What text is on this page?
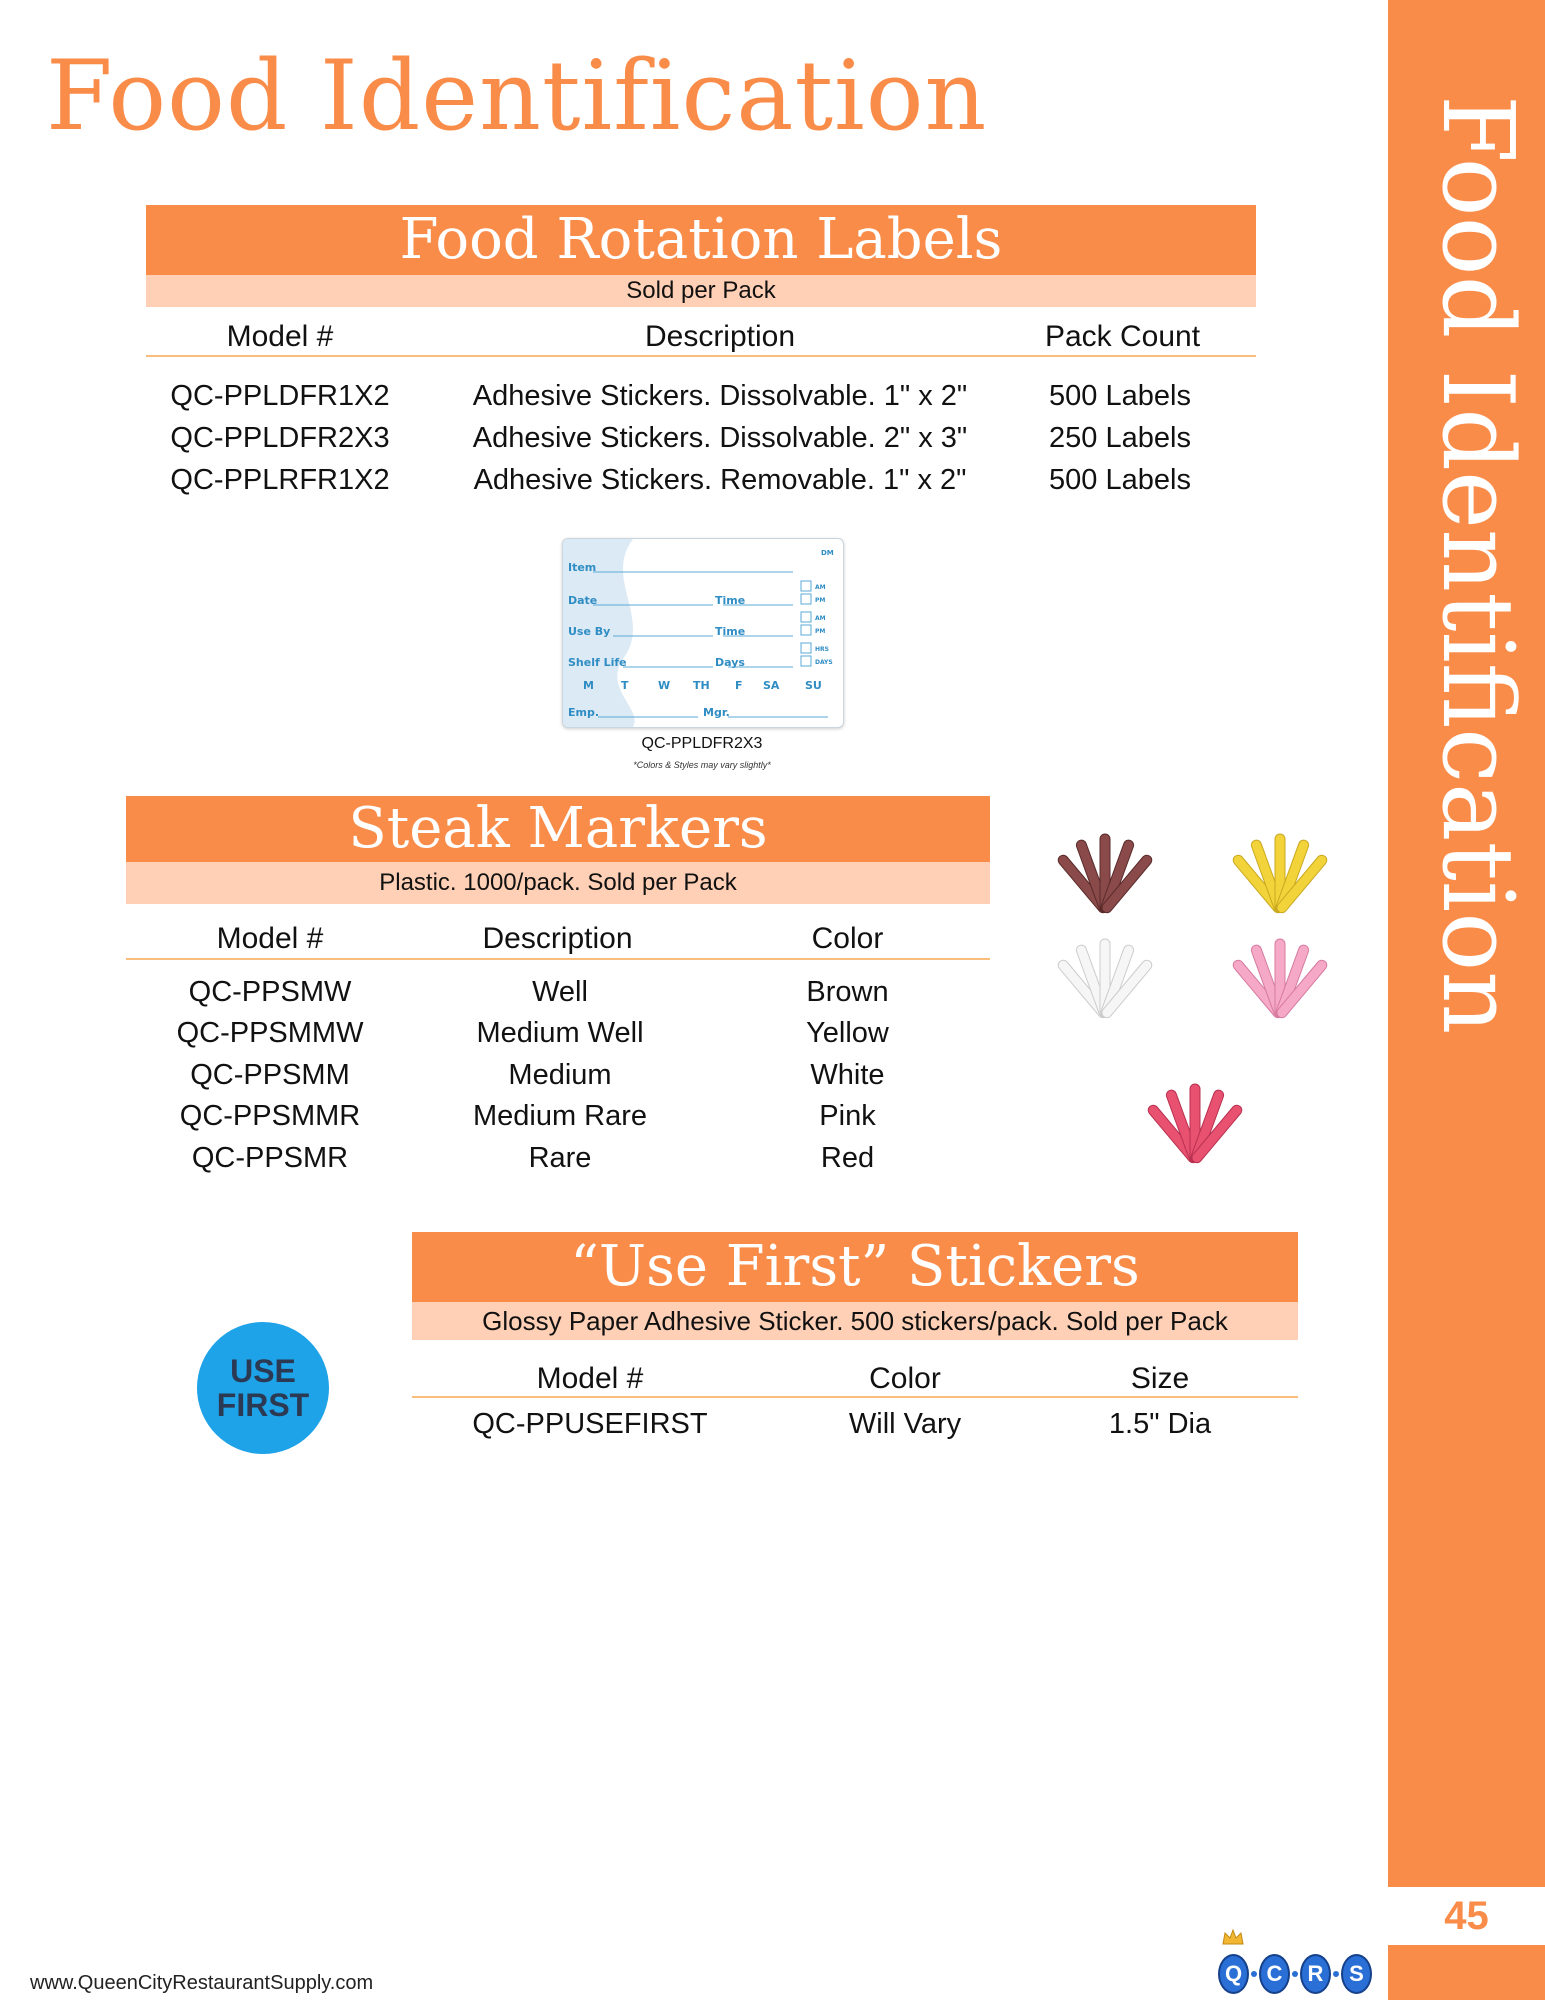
Food Identification	Food Identification
45
www.QueenCityRestaurantSupply.com	Q	C	R	S
Food Rotation Labels
Sold per Pack
Model #	Description	Pack Count
QC-PPLDFR1X2	Adhesive Stickers. Dissolvable. 1" x 2"	500 Labels
QC-PPLDFR2X3	Adhesive Stickers. Dissolvable. 2" x 3"	250 Labels
QC-PPLRFR1X2	Adhesive Stickers. Removable. 1" x 2"	500 Labels
DM
Item
Date	Time
Use By	Time
Shelf Life	Days
AM
PM
AM
PM
HRS
DAYS
M T	W TH F SA SU
Emp.	Mgr.
QC-PPLDFR2X3
*Colors & Styles may vary slightly*
Steak Markers
Plastic. 1000/pack. Sold per Pack
Model #	Description	Color
QC-PPSMW	Well	Brown
QC-PPSMMW	Medium Well	Yellow
QC-PPSMM	Medium	White
QC-PPSMMR	Medium Rare	Pink
QC-PPSMR	Rare	Red
“Use First” Stickers
Glossy Paper Adhesive Sticker. 500 stickers/pack. Sold per Pack
Model #	Color	Size
QC-PPUSEFIRST	Will Vary	1.5" Dia
USE
FIRST
